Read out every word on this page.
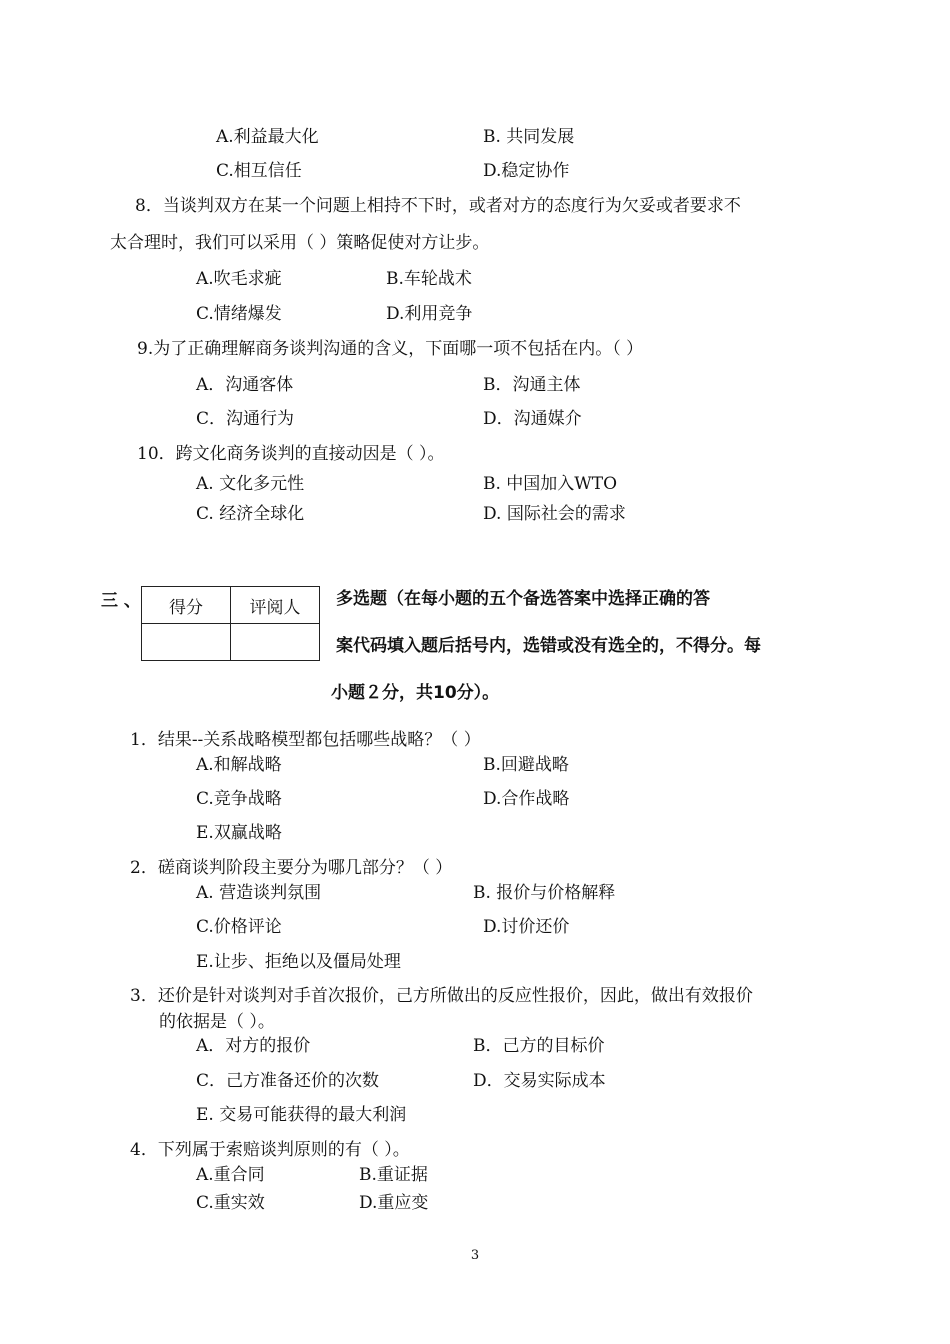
A.利益最大化	B. 共同发展
C.相互信任	D.稳定协作
8．当谈判双方在某一个问题上相持不下时，或者对方的态度行为欠妥或者要求不
太合理时，我们可以采用（ ）策略促使对方让步。
A.吹毛求疵	B.车轮战术
C.情绪爆发	D.利用竞争
9.为了正确理解商务谈判沟通的含义，下面哪一项不包括在内。（ ）
A．沟通客体	B．沟通主体
C．沟通行为	D．沟通媒介
10．跨文化商务谈判的直接动因是（ ）。
A. 文化多元性	B. 中国加入WTO
C. 经济全球化	D. 国际社会的需求
三 、 得分	评阅人
	多选题（在每小题的五个备选答案中选择正确的答
案代码填入题后括号内，选错或没有选全的，不得分。每
小题２分，共10分）。
1．结果--关系战略模型都包括哪些战略？（ ）
A.和解战略	B.回避战略
C.竞争战略	D.合作战略
E.双赢战略
2．磋商谈判阶段主要分为哪几部分？（ ）
A. 营造谈判氛围	B. 报价与价格解释
C.价格评论	D.讨价还价
E.让步、拒绝以及僵局处理
3．还价是针对谈判对手首次报价，己方所做出的反应性报价，因此，做出有效报价
的依据是（ ）。
A．对方的报价	B．己方的目标价
C．己方准备还价的次数	D．交易实际成本
E. 交易可能获得的最大利润
4．下列属于索赔谈判原则的有（ ）。
A.重合同	B.重证据
C.重实效	D.重应变
3
